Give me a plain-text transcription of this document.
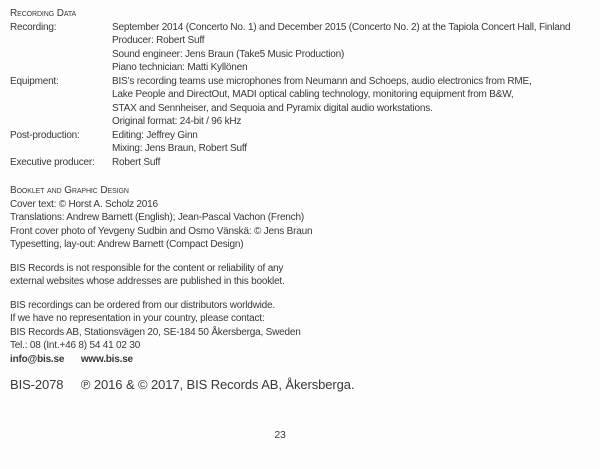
Recording Data
Recording:	September 2014 (Concerto No. 1) and December 2015 (Concerto No. 2) at the Tapiola Concert Hall, Finland
Producer: Robert Suff
Sound engineer: Jens Braun (Take5 Music Production)
Piano technician: Matti Kyllönen
Equipment:	BIS’s recording teams use microphones from Neumann and Schoeps, audio electronics from RME,
Lake People and DirectOut, MADI optical cabling technology, monitoring equipment from B&W,
STAX and Sennheiser, and Sequoia and Pyramix digital audio workstations.
Original format: 24-bit / 96 kHz
Post-production:	Editing: Jeffrey Ginn
Mixing: Jens Braun, Robert Suff
Executive producer:	Robert Suff
Booklet and Graphic Design
Cover text: © Horst A. Scholz 2016
Translations: Andrew Barnett (English); Jean-Pascal Vachon (French)
Front cover photo of Yevgeny Sudbin and Osmo Vänskä: © Jens Braun
Typesetting, lay-out: Andrew Barnett (Compact Design)
BIS Records is not responsible for the content or reliability of any
external websites whose addresses are published in this booklet.
BIS recordings can be ordered from our distributors worldwide.
If we have no representation in your country, please contact:
BIS Records AB, Stationsvägen 20, SE-184 50 Åkersberga, Sweden
Tel.: 08 (Int.+46 8) 54 41 02 30
info@bis.se www.bis.se
BIS-2078 ℗ 2016 & © 2017, BIS Records AB, Åkersberga.
23
